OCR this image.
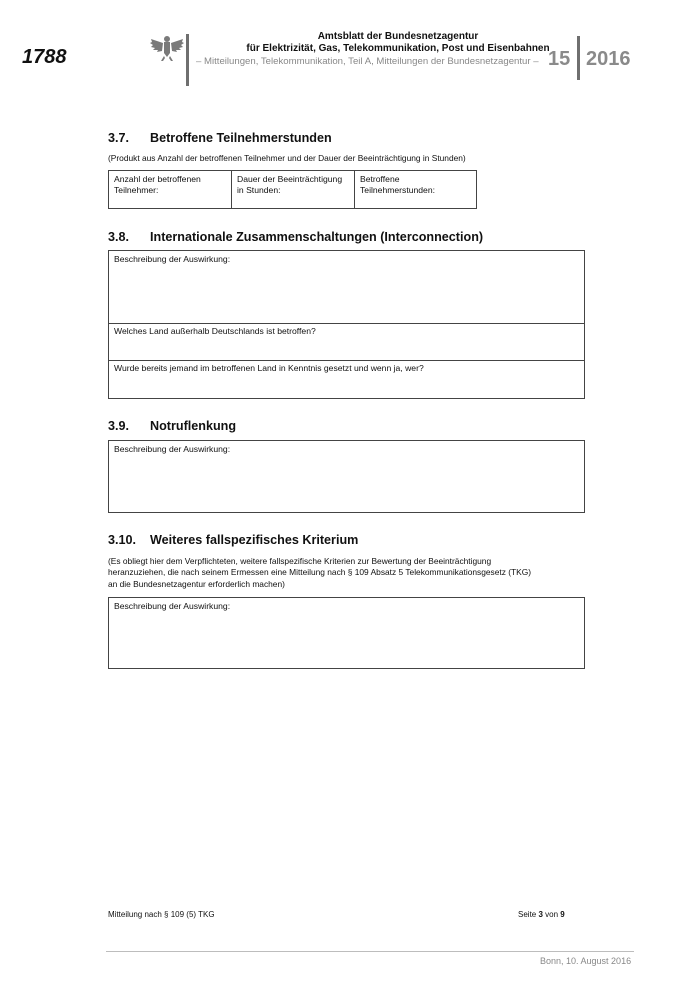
1788
Amtsblatt der Bundesnetzagentur
für Elektrizität, Gas, Telekommunikation, Post und Eisenbahnen
– Mitteilungen, Telekommunikation, Teil A, Mitteilungen der Bundesnetzagentur – 15 2016
3.7. Betroffene Teilnehmerstunden
(Produkt aus Anzahl der betroffenen Teilnehmer und der Dauer der Beeinträchtigung in Stunden)
Anzahl der betroffenen
Teilnehmer:
Dauer der Beeinträchtigung
in Stunden:
Betroffene
Teilnehmerstunden:
3.8. Internationale Zusammenschaltungen (Interconnection)
Beschreibung der Auswirkung:
Welches Land außerhalb Deutschlands ist betroffen?
Wurde bereits jemand im betroffenen Land in Kenntnis gesetzt und wenn ja, wer?
3.9. Notruflenkung
Beschreibung der Auswirkung:
3.10. Weiteres fallspezifisches Kriterium
(Es obliegt hier dem Verpflichteten, weitere fallspezifische Kriterien zur Bewertung der Beeinträchtigung
heranzuziehen, die nach seinem Ermessen eine Mitteilung nach § 109 Absatz 5 Telekommunikationsgesetz (TKG)
an die Bundesnetzagentur erforderlich machen)
Beschreibung der Auswirkung:
Mitteilung nach § 109 (5) TKG	Seite 3 von 9
Bonn, 10. August 2016
